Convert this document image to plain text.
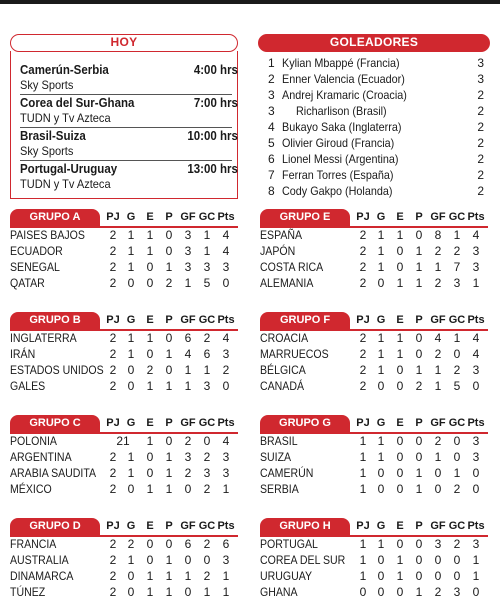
HOY
Camerún-Serbia	4:00 hrs
Sky Sports
Corea del Sur-Ghana	7:00 hrs
TUDN y Tv Azteca
Brasil-Suiza	10:00 hrs
Sky Sports
Portugal-Uruguay	13:00 hrs
TUDN y Tv Azteca
GOLEADORES
1 Kylian Mbappé (Francia)	3
2 Enner Valencia (Ecuador)	3
3 Andrej Kramaric (Croacia)	2
3 Richarlison (Brasil)	2
4 Bukayo Saka (Inglaterra)	2
5 Olivier Giroud (Francia)	2
6 Lionel Messi (Argentina)	2
7 Ferran Torres (España)	2
8 Cody Gakpo (Holanda)	2
GRUPO A	PJ G	E	P GF GC Pts
PAISES BAJOS	2 1	1	0	3	1	4
ECUADOR	2 1	1	0	3	1	4
SENEGAL	2 1	0	1	3	3	3
QATAR	2 0	0	2	1	5	0
GRUPO E	PJ G	E	P GF GC Pts
ESPAÑA	2 1	1	0	8	1	4
JAPÓN	2 1	0	1	2	2	3
COSTA RICA	2 1	0	1	1	7	3
ALEMANIA	2 0	1	1	2	3	1
GRUPO B	PJ G	E	P GF GC Pts
INGLATERRA	2 1	1	0	6	2	4
IRÁN	2 1	0	1	4	6	3
ESTADOS UNIDOS 2 0	2	0	1	1	2
GALES	2 0	1	1	1	3	0
GRUPO F	PJ G	E	P GF GC Pts
CROACIA	2 1	1	0	4	1	4
MARRUECOS	2 1	1	0	2	0	4
BÉLGICA	2 1	0	1	1	2	3
CANADÁ	2 0	0	2	1	5	0
GRUPO C	PJ G	E	P GF GC Pts
POLONIA	21	1	0	2	0	4
ARGENTINA	2 1	0	1	3	2	3
ARABIA SAUDITA	2 1	0	1	2	3	3
MÉXICO	2 0	1	1	0	2	1
GRUPO G	PJ G	E	P GF GC Pts
BRASIL	1 1	0	0	2	0	3
SUIZA	1 1	0	0	1	0	3
CAMERÚN	1 0	0	1	0	1	0
SERBIA	1 0	0	1	0	2	0
GRUPO D	PJ G	E	P GF GC Pts
FRANCIA	2 2	0	0	6	2	6
AUSTRALIA	2 1	0	1	0	0	3
DINAMARCA	2 0	1	1	1	2	1
TÚNEZ	2 0	1	1	0	1	1
GRUPO H	PJ G	E	P GF GC Pts
PORTUGAL	1 1	0	0	3	2	3
COREA DEL SUR	1 0	1	0	0	0	1
URUGUAY	1 0	1	0	0	0	1
GHANA	0 0	0	1	2	3	0
